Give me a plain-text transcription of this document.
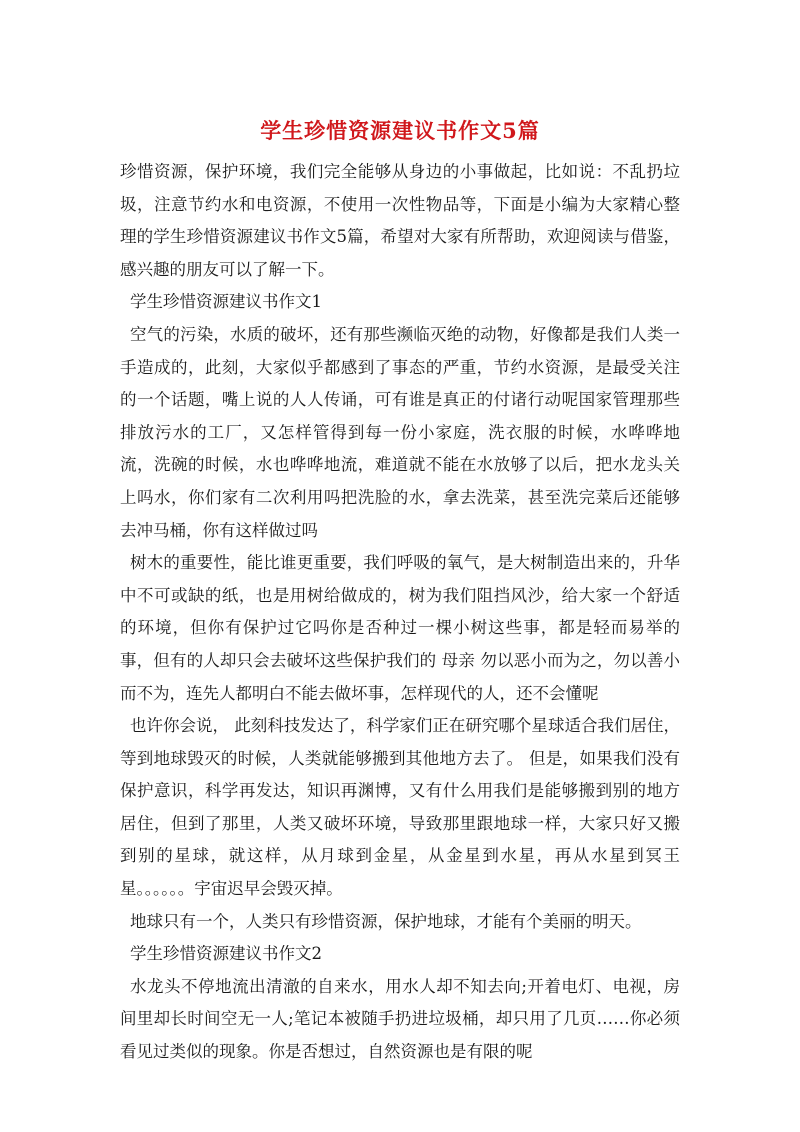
学生珍惜资源建议书作文5篇

珍惜资源，保护环境，我们完全能够从身边的小事做起，比如说：不乱扔垃圾，注意节约水和电资源，不使用一次性物品等，下面是小编为大家精心整理的学生珍惜资源建议书作文5篇，希望对大家有所帮助，欢迎阅读与借鉴，感兴趣的朋友可以了解一下。

学生珍惜资源建议书作文1

空气的污染，水质的破坏，还有那些濒临灭绝的动物，好像都是我们人类一手造成的，此刻，大家似乎都感到了事态的严重，节约水资源，是最受关注的一个话题，嘴上说的人人传诵，可有谁是真正的付诸行动呢国家管理那些排放污水的工厂，又怎样管得到每一份小家庭，洗衣服的时候，水哗哗地流，洗碗的时候，水也哗哗地流，难道就不能在水放够了以后，把水龙头关上吗水，你们家有二次利用吗把洗脸的水，拿去洗菜，甚至洗完菜后还能够去冲马桶，你有这样做过吗

树木的重要性，能比谁更重要，我们呼吸的氧气，是大树制造出来的，升华中不可或缺的纸，也是用树给做成的，树为我们阻挡风沙，给大家一个舒适的环境，但你有保护过它吗你是否种过一棵小树这些事，都是轻而易举的事，但有的人却只会去破坏这些保护我们的 母亲 勿以恶小而为之，勿以善小而不为，连先人都明白不能去做坏事，怎样现代的人，还不会懂呢

也许你会说， 此刻科技发达了，科学家们正在研究哪个星球适合我们居住，等到地球毁灭的时候，人类就能够搬到其他地方去了。 但是，如果我们没有保护意识，科学再发达，知识再渊博，又有什么用我们是能够搬到别的地方居住，但到了那里，人类又破坏环境，导致那里跟地球一样，大家只好又搬到别的星球，就这样，从月球到金星，从金星到水星，再从水星到冥王星。。。。。。宇宙迟早会毁灭掉。

地球只有一个，人类只有珍惜资源，保护地球，才能有个美丽的明天。

学生珍惜资源建议书作文2

水龙头不停地流出清澈的自来水，用水人却不知去向;开着电灯、电视，房间里却长时间空无一人;笔记本被随手扔进垃圾桶，却只用了几页……你必须看见过类似的现象。你是否想过，自然资源也是有限的呢
